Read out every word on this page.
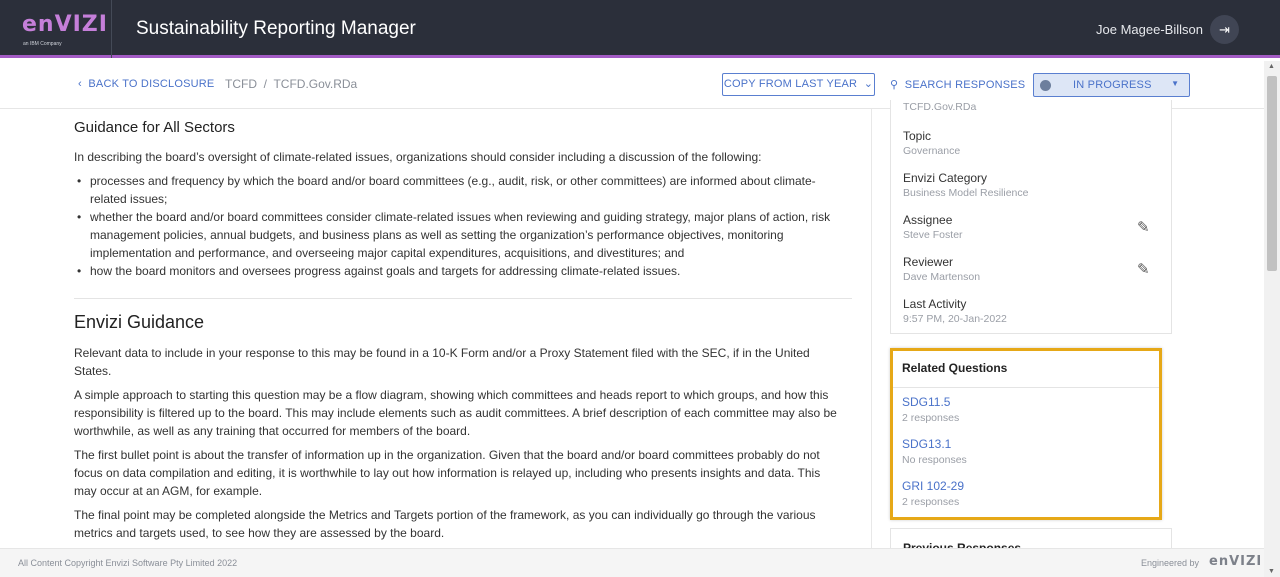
enVIZI
an IBM Company
Sustainability Reporting Manager	Joe Magee-Billson	⇥
‹ BACK TO DISCLOSURE TCFD  /  TCFD.Gov.RDa	COPY FROM LAST YEAR  ⌄ ⚲ SEARCH RESPONSES	IN PROGRESS ▼
Guidance for All Sectors
In describing the board’s oversight of climate-related issues, organizations should consider including a discussion of the following:
• processes and frequency by which the board and/or board committees (e.g., audit, risk, or other committees) are informed about climate-related issues;
• whether the board and/or board committees consider climate-related issues when reviewing and guiding strategy, major plans of action, risk management policies, annual budgets, and business plans as well as setting the organization’s performance objectives, monitoring implementation and performance, and overseeing major capital expenditures, acquisitions, and divestitures; and
• how the board monitors and oversees progress against goals and targets for addressing climate-related issues.
Envizi Guidance
Relevant data to include in your response to this may be found in a 10-K Form and/or a Proxy Statement filed with the SEC, if in the United States.
A simple approach to starting this question may be a flow diagram, showing which committees and heads report to which groups, and how this responsibility is filtered up to the board. This may include elements such as audit committees. A brief description of each committee may also be worthwhile, as well as any training that occurred for members of the board.
The first bullet point is about the transfer of information up in the organization. Given that the board and/or board committees probably do not focus on data compilation and editing, it is worthwhile to lay out how information is relayed up, including who presents insights and data. This may occur at an AGM, for example.
The final point may be completed alongside the Metrics and Targets portion of the framework, as you can individually go through the various metrics and targets used, to see how they are assessed by the board.
TCFD.Gov.RDa
Topic
Governance
Envizi Category
Business Model Resilience
Assignee
Steve Foster	✎
Reviewer
Dave Martenson	✎
Last Activity
9:57 PM, 20-Jan-2022
Related Questions
SDG11.5
2 responses
SDG13.1
No responses
GRI 102-29
2 responses
All Content Copyright Envizi Software Pty Limited 2022	Engineered by enVIZI
▲
▼
